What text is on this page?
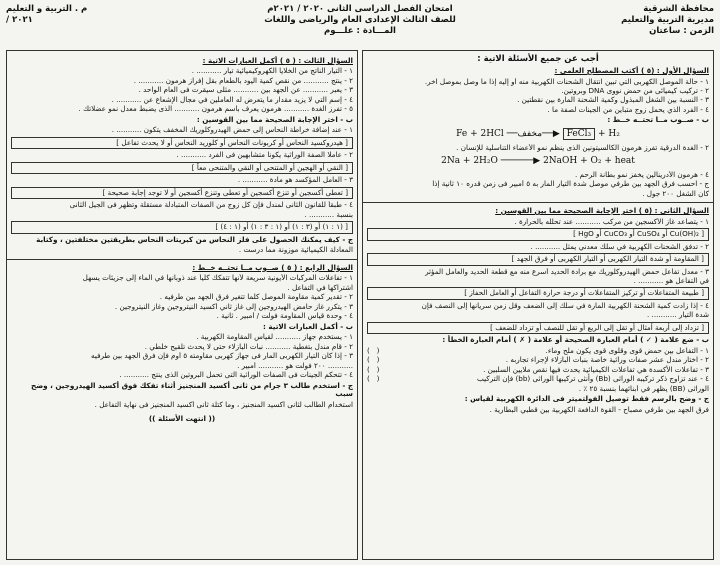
محافظة الشرقية
مديرية التربية والتعليم
الزمن : ساعتان
امتحان الفصل الدراسى الثانى ٢٠٢٠ / ٢٠٢١م
للصف الثالث الإعدادى العام والرياضى واللغات
المـــادة : علـــوم
م . التربية و التعليم
٢٠٢١ /
أجب عن جميع الأسئلة الاتية :
السؤال الأول : (٥ ) أكتب المصطلح العلمى :
١ - حالة الموصل الكهربى التي تبين انتقال الشحنات الكهربية منه أو إليه إذا ما وصل بموصل آخر.
٢ - تركيب كيميائى من حمض نووى DNA وبروتين.
٣ - النسبة بين الشغل المبذول وكمية الشحنة المارة بين نقطتين .
٤ - الفرد الذي يحمل زوج متباين من الجينات لصفة ما .
ب - صــوب مــا تحتــه خــط :
Fe + 2HCl ──مخفف──▶ FeCl₃ + H₂
٢ - الغدة الدرقية تفرز هرمون الكالسيتونين الذى ينظم نمو الأعضاء التناسلية للإنسان .
2Na + 2H₂O ──────▶ 2NaOH + O₂ + heat
٤ - هرمون الأدرينالين يخفز نمو بطانة الرحم .
ج - احسب فرق الجهد بين طرفي موصل شدة التيار المار به ٥ أمبير فى زمن قدره ١٠ ثانية إذا
كان الشغل ٢٠٠ جول .
السؤال الثانى : (٥ ) اختر الإجابة الصحيحة مما بين القوسين :
١ - يتصاعد غاز الأكسجين من مركب ........... عند تحلله بالحرارة .
[ Cu(OH)₂ أو CuSO₄ أو CuCO₃ أو HgO ]
٢ - تدفق الشحنات الكهربية في سلك معدني يمثل ........... .
[ المقاومة أو شدة التيار الكهربى أو التيار الكهربى أو فرق الجهد ]
٣ - معدل تفاعل حمض الهيدروكلوريك مع برادة الحديد أسرع منه مع قطعة الحديد والعامل المؤثر
في التفاعل هو ........... .
[ طبيعة المتفاعلات أو تركيز المتفاعلات أو درجة حرارة التفاعل أو العامل الحفاز ]
٤ - إذا زادت كمية الشحنة الكهربية المارة في سلك إلى الضعف وقل زمن سريانها إلى النصف فإن
شدة التيار ........... .
[ تزداد إلى أربعة أمثال أو تقل إلى الربع أو تقل للنصف أو تزداد للضعف ]
ب - ضع علامة ( ✓ ) أمام العبارة الصحيحة أو علامة ( ✗ ) أمام العبارة الخطأ :
١ - التفاعل بين حمض قوى وقلوى قوى يكون ملح وماء.
(   )
٢ - اختار مندل عشر صفات وراثية خاصة بنبات البازلاء لإجراء تجاربه .
(   )
٣ - تفاعلات الأكسدة هي تفاعلات الكيميائية يحدث فيها نقص ملايين السلبين .
(   )
٤ - عند تزاوج ذكر تركيبه الوراثى (Bb) وأنثى تركيبها الوراثى (bb) فإن التركيب
(   )
الوراثى (BB) يظهر في أبنائهما بنسبة ٢٥ ٪ .
ج - وضح بالرسم فقط توصيل الفولتميتر فى الدائرة الكهربية لقياس :
فرق الجهد بين طرفي مصباح - القوة الدافعة الكهربية بين قطبي البطارية .
السؤال الثالث : ( ٥ ) أكمل العبارات الاتية :
١ - التيار الناتج من الخلايا الكهروكيميائية تيار ........... .
٢ - ينتج ........... من نقص كمية اليود بالطعام بقل إفراز هرمون ........... .
٣ - يعبر ........... عن الجهد بين ........... مثلى سيقرت فى العام الواحد .
٤ - إسم التي لا يزيد مقدار ما يتعرض له العاملين في مجال الإشعاع عن ........... .
٥ - تفرز الغدة ........... هرمون يعرف باسم هرمون ........... الذى يضبط معدل نمو عضلاتك .
ب - اختر الإجابة الصحيحة مما بين القوسين :
١ - عند إضافة خراطة النحاس إلى حمض الهيدروكلوريك المخفف يتكون ........... .
[ هيدروكسيد النحاس أو كربونات النحاس أو كلوريد النحاس أو لا يحدث تفاعل ]
٢ - عاملا الصفة الوراثية يكونا متشابهين فى الفرد ........... .
[ النقي أو الهجين أو المتنحى أو النقي والمتنحى معاً ]
٣ - العامل المؤكسد هو مادة ........... .
[ تعطى أكسجين أو تنزع أكسجين أو تعطى وتنزع أكسجين أو لا توجد إجابة صحيحة ]
٤ - طبقاً للقانون الثانى لمندل فإن كل زوج من الصفات المتبادلة مستقلة وتظهر فى الجيل الثانى
بنسبة ........... .
[ (١ : ١) أو (٣ : ١) أو (١ : ٣ : ١) أو (١ : ٤) ]
ج - كيف يمكنك الحصول على فلز النحاس من كبريتات النحاس بطريقتين مختلفتين ، وكتابة
المعادلة الكيميائية موزونة مما درست .
السؤال الرابع : ( ٥ ) صــوب مــا تحتــه خــط :
١ - تفاعلات المركبات الأيونية سريعة لأنها تتفكك كلياً عند ذوبانها في الماء إلى جزيئات يسهل
اشتراكها في التفاعل .
٢ - تقدير كمية مقاومة الموصل كلما تتغير فرق الجهد بين طرفيه .
٣ - يتكرر غاز حامض الهيدروجين إلى غاز ثاني أكسيد النيتروجين وغاز النيتروجين .
٤ - وحدة قياس المقاومة فولت / أمبير . ثانية .
ب - أكمل العبارات الاتية :
١ - يستخدم جهاز ........... لقياس المقاومة الكهربية .
٢ - قام مندل بتغطية ........... نبات البازلاء حتى لا يحدث تلقيح خلطي .
٣ - إذا كان التيار الكهربى المار فى جهاز كهربى مقاومته ٥ أوم فإن فرق الجهد بين طرفيه
........... ٢٠٠ فولت هو ........... أمبير .
٤ - تتحكم الجينات فى الصفات الوراثية التى تحمل البروتين الذى ينتج ........... .
ج - استخدم طالب ٣ جرام من ثانى أكسيد المنجنيز أثناء تفكك فوق أكسيد الهيدروجين ، وضح سبب
استخدام الطالب لثانى أكسيد المنجنيز ، وما كتلة ثانى أكسيد المنجنيز فى نهاية التفاعل .
(( انتهت الأسئلة ))
